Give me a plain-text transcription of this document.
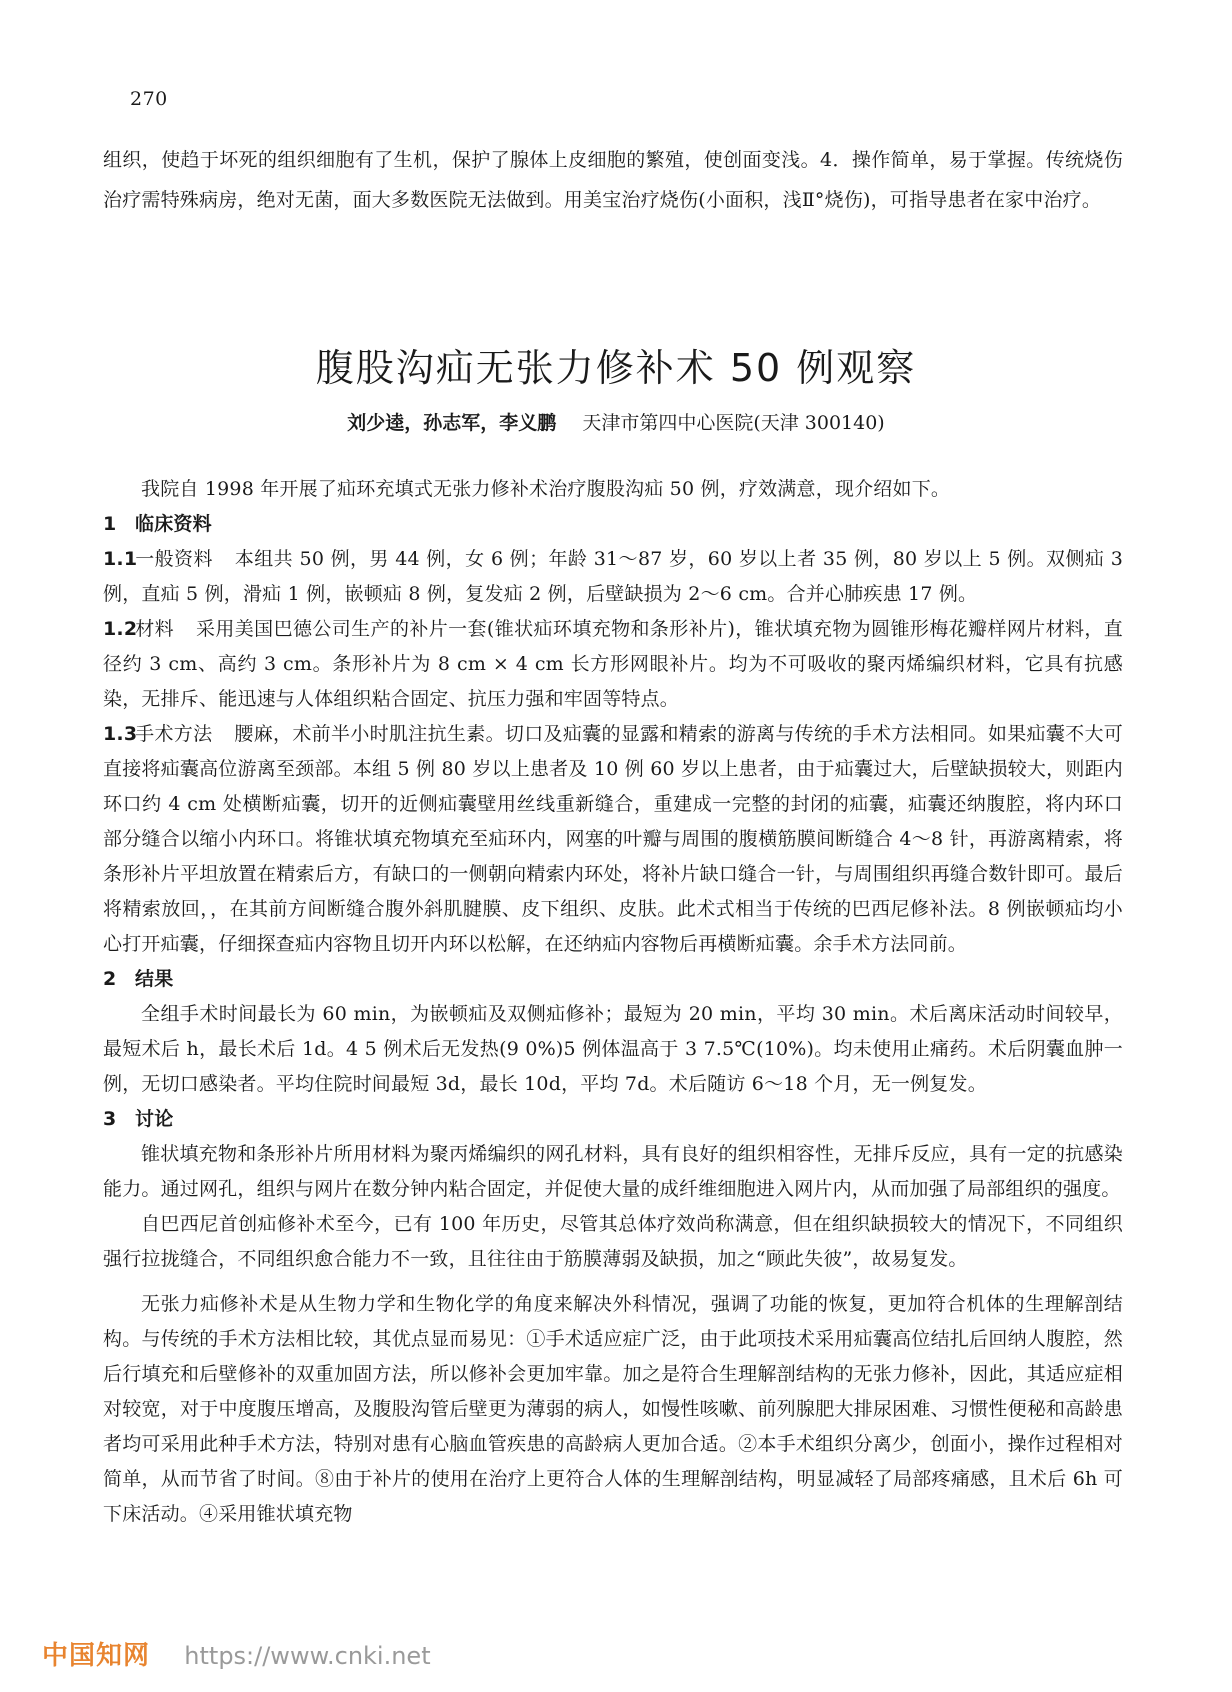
270
组织，使趋于坏死的组织细胞有了生机，保护了腺体上皮细胞的繁殖，使创面变浅。4．操作简单，易于掌握。传统烧伤治疗需特殊病房，绝对无菌，面大多数医院无法做到。用美宝治疗烧伤(小面积，浅Ⅱ°烧伤)，可指导患者在家中治疗。
腹股沟疝无张力修补术 50 例观察
刘少逵，孙志军，李义鹏 天津市第四中心医院(天津 300140)

我院自 1998 年开展了疝环充填式无张力修补术治疗腹股沟疝 50 例，疗效满意，现介绍如下。

1 临床资料

1.1一般资料 本组共 50 例，男 44 例，女 6 例；年龄 31～87 岁，60 岁以上者 35 例，80 岁以上 5 例。双侧疝 3 例，直疝 5 例，滑疝 1 例，嵌顿疝 8 例，复发疝 2 例，后壁缺损为 2～6 cm。合并心肺疾患 17 例。

1.2材料 采用美国巴德公司生产的补片一套(锥状疝环填充物和条形补片)，锥状填充物为圆锥形梅花瓣样网片材料，直径约 3 cm、高约 3 cm。条形补片为 8 cm × 4 cm 长方形网眼补片。均为不可吸收的聚丙烯编织材料，它具有抗感染，无排斥、能迅速与人体组织粘合固定、抗压力强和牢固等特点。

1.3手术方法 腰麻，术前半小时肌注抗生素。切口及疝囊的显露和精索的游离与传统的手术方法相同。如果疝囊不大可直接将疝囊高位游离至颈部。本组 5 例 80 岁以上患者及 10 例 60 岁以上患者，由于疝囊过大，后壁缺损较大，则距内环口约 4 cm 处横断疝囊，切开的近侧疝囊壁用丝线重新缝合，重建成一完整的封闭的疝囊，疝囊还纳腹腔，将内环口部分缝合以缩小内环口。将锥状填充物填充至疝环内，网塞的叶瓣与周围的腹横筋膜间断缝合 4～8 针，再游离精索，将条形补片平坦放置在精索后方，有缺口的一侧朝向精索内环处，将补片缺口缝合一针，与周围组织再缝合数针即可。最后将精索放回，，在其前方间断缝合腹外斜肌腱膜、皮下组织、皮肤。此术式相当于传统的巴西尼修补法。8 例嵌顿疝均小心打开疝囊，仔细探查疝内容物且切开内环以松解，在还纳疝内容物后再横断疝囊。余手术方法同前。

2 结果

全组手术时间最长为 60 min，为嵌顿疝及双侧疝修补；最短为 20 min，平均 30 min。术后离床活动时间较早，最短术后 h，最长术后 1d。4 5 例术后无发热(9 0%)5 例体温高于 3 7.5℃(10%)。均未使用止痛药。术后阴囊血肿一例，无切口感染者。平均住院时间最短 3d，最长 10d，平均 7d。术后随访 6～18 个月，无一例复发。

3 讨论

锥状填充物和条形补片所用材料为聚丙烯编织的网孔材料，具有良好的组织相容性，无排斥反应，具有一定的抗感染能力。通过网孔，组织与网片在数分钟内粘合固定，并促使大量的成纤维细胞进入网片内，从而加强了局部组织的强度。

自巴西尼首创疝修补术至今，已有 100 年历史，尽管其总体疗效尚称满意，但在组织缺损较大的情况下，不同组织强行拉拢缝合，不同组织愈合能力不一致，且往往由于筋膜薄弱及缺损，加之“顾此失彼”，故易复发。

无张力疝修补术是从生物力学和生物化学的角度来解决外科情况，强调了功能的恢复，更加符合机体的生理解剖结构。与传统的手术方法相比较，其优点显而易见：①手术适应症广泛，由于此项技术采用疝囊高位结扎后回纳人腹腔，然后行填充和后壁修补的双重加固方法，所以修补会更加牢靠。加之是符合生理解剖结构的无张力修补，因此，其适应症相对较宽，对于中度腹压增高，及腹股沟管后壁更为薄弱的病人，如慢性咳嗽、前列腺肥大排尿困难、习惯性便秘和高龄患者均可采用此种手术方法，特别对患有心脑血管疾患的高龄病人更加合适。②本手术组织分离少，创面小，操作过程相对简单，从而节省了时间。⑧由于补片的使用在治疗上更符合人体的生理解剖结构，明显减轻了局部疼痛感，且术后 6h 可下床活动。④采用锥状填充物

中国知网 https://www.cnki.net
